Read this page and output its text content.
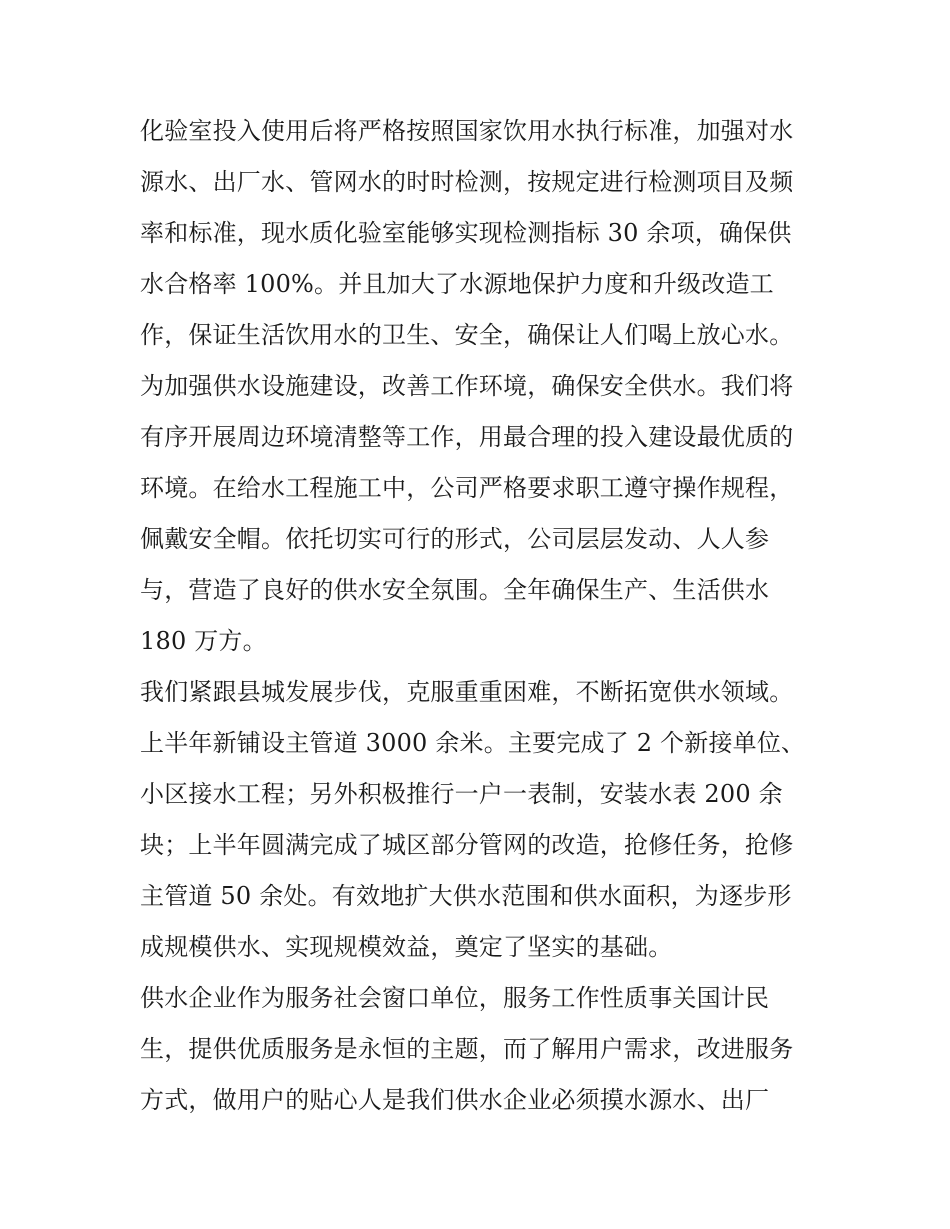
化验室投入使用后将严格按照国家饮用水执行标准，加强对水
源水、出厂水、管网水的时时检测，按规定进行检测项目及频
率和标准，现水质化验室能够实现检测指标 30 余项，确保供
水合格率 100%。并且加大了水源地保护力度和升级改造工
作，保证生活饮用水的卫生、安全，确保让人们喝上放心水。
为加强供水设施建设，改善工作环境，确保安全供水。我们将
有序开展周边环境清整等工作，用最合理的投入建设最优质的
环境。在给水工程施工中，公司严格要求职工遵守操作规程，
佩戴安全帽。依托切实可行的形式，公司层层发动、人人参
与，营造了良好的供水安全氛围。全年确保生产、生活供水
180 万方。
我们紧跟县城发展步伐，克服重重困难，不断拓宽供水领域。
上半年新铺设主管道 3000 余米。主要完成了 2 个新接单位、
小区接水工程；另外积极推行一户一表制，安装水表 200 余
块；上半年圆满完成了城区部分管网的改造，抢修任务，抢修
主管道 50 余处。有效地扩大供水范围和供水面积，为逐步形
成规模供水、实现规模效益，奠定了坚实的基础。
供水企业作为服务社会窗口单位，服务工作性质事关国计民
生，提供优质服务是永恒的主题，而了解用户需求，改进服务
方式，做用户的贴心人是我们供水企业必须摸水源水、出厂
